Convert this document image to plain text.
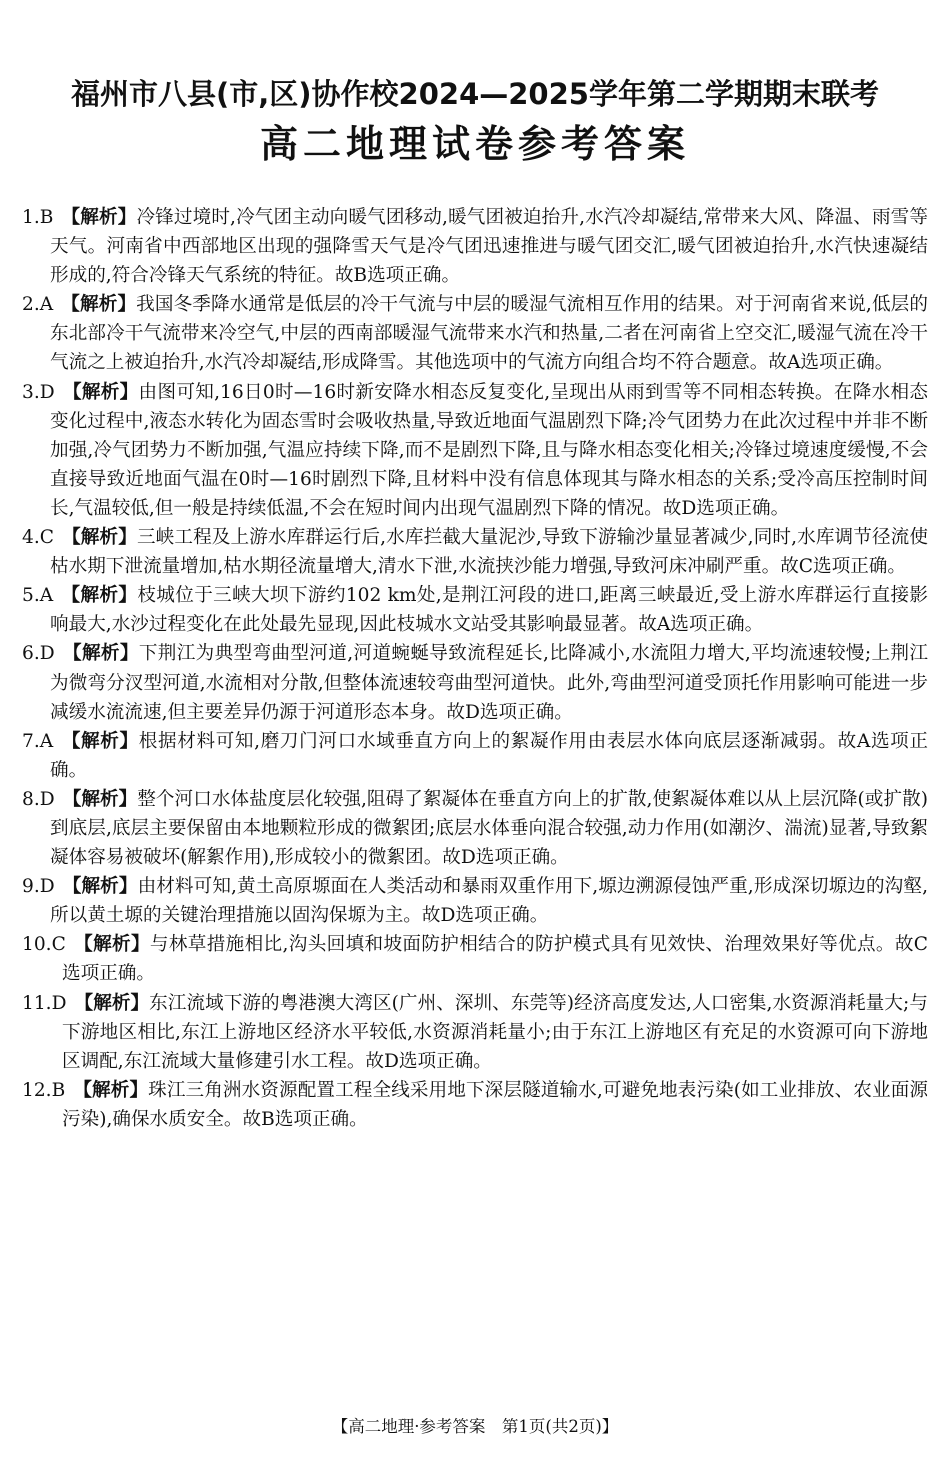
福州市八县(市,区)协作校2024—2025学年第二学期期末联考
高二地理试卷参考答案

1.B 【解析】冷锋过境时,冷气团主动向暖气团移动,暖气团被迫抬升,水汽冷却凝结,常带来大风、降温、雨雪等天气。河南省中西部地区出现的强降雪天气是冷气团迅速推进与暖气团交汇,暖气团被迫抬升,水汽快速凝结形成的,符合冷锋天气系统的特征。故B选项正确。

2.A 【解析】我国冬季降水通常是低层的冷干气流与中层的暖湿气流相互作用的结果。对于河南省来说,低层的东北部冷干气流带来冷空气,中层的西南部暖湿气流带来水汽和热量,二者在河南省上空交汇,暖湿气流在冷干气流之上被迫抬升,水汽冷却凝结,形成降雪。其他选项中的气流方向组合均不符合题意。故A选项正确。

3.D 【解析】由图可知,16日0时—16时新安降水相态反复变化,呈现出从雨到雪等不同相态转换。在降水相态变化过程中,液态水转化为固态雪时会吸收热量,导致近地面气温剧烈下降;冷气团势力在此次过程中并非不断加强,冷气团势力不断加强,气温应持续下降,而不是剧烈下降,且与降水相态变化相关;冷锋过境速度缓慢,不会直接导致近地面气温在0时—16时剧烈下降,且材料中没有信息体现其与降水相态的关系;受冷高压控制时间长,气温较低,但一般是持续低温,不会在短时间内出现气温剧烈下降的情况。故D选项正确。

4.C 【解析】三峡工程及上游水库群运行后,水库拦截大量泥沙,导致下游输沙量显著减少,同时,水库调节径流使枯水期下泄流量增加,枯水期径流量增大,清水下泄,水流挟沙能力增强,导致河床冲刷严重。故C选项正确。

5.A 【解析】枝城位于三峡大坝下游约102 km处,是荆江河段的进口,距离三峡最近,受上游水库群运行直接影响最大,水沙过程变化在此处最先显现,因此枝城水文站受其影响最显著。故A选项正确。

6.D 【解析】下荆江为典型弯曲型河道,河道蜿蜒导致流程延长,比降减小,水流阻力增大,平均流速较慢;上荆江为微弯分汊型河道,水流相对分散,但整体流速较弯曲型河道快。此外,弯曲型河道受顶托作用影响可能进一步减缓水流流速,但主要差异仍源于河道形态本身。故D选项正确。

7.A 【解析】根据材料可知,磨刀门河口水域垂直方向上的絮凝作用由表层水体向底层逐渐减弱。故A选项正确。

8.D 【解析】整个河口水体盐度层化较强,阻碍了絮凝体在垂直方向上的扩散,使絮凝体难以从上层沉降(或扩散)到底层,底层主要保留由本地颗粒形成的微絮团;底层水体垂向混合较强,动力作用(如潮汐、湍流)显著,导致絮凝体容易被破坏(解絮作用),形成较小的微絮团。故D选项正确。

9.D 【解析】由材料可知,黄土高原塬面在人类活动和暴雨双重作用下,塬边溯源侵蚀严重,形成深切塬边的沟壑,所以黄土塬的关键治理措施以固沟保塬为主。故D选项正确。

10.C 【解析】与林草措施相比,沟头回填和坡面防护相结合的防护模式具有见效快、治理效果好等优点。故C选项正确。

11.D 【解析】东江流域下游的粤港澳大湾区(广州、深圳、东莞等)经济高度发达,人口密集,水资源消耗量大;与下游地区相比,东江上游地区经济水平较低,水资源消耗量小;由于东江上游地区有充足的水资源可向下游地区调配,东江流域大量修建引水工程。故D选项正确。

12.B 【解析】珠江三角洲水资源配置工程全线采用地下深层隧道输水,可避免地表污染(如工业排放、农业面源污染),确保水质安全。故B选项正确。

【高二地理·参考答案　第1页(共2页)】
